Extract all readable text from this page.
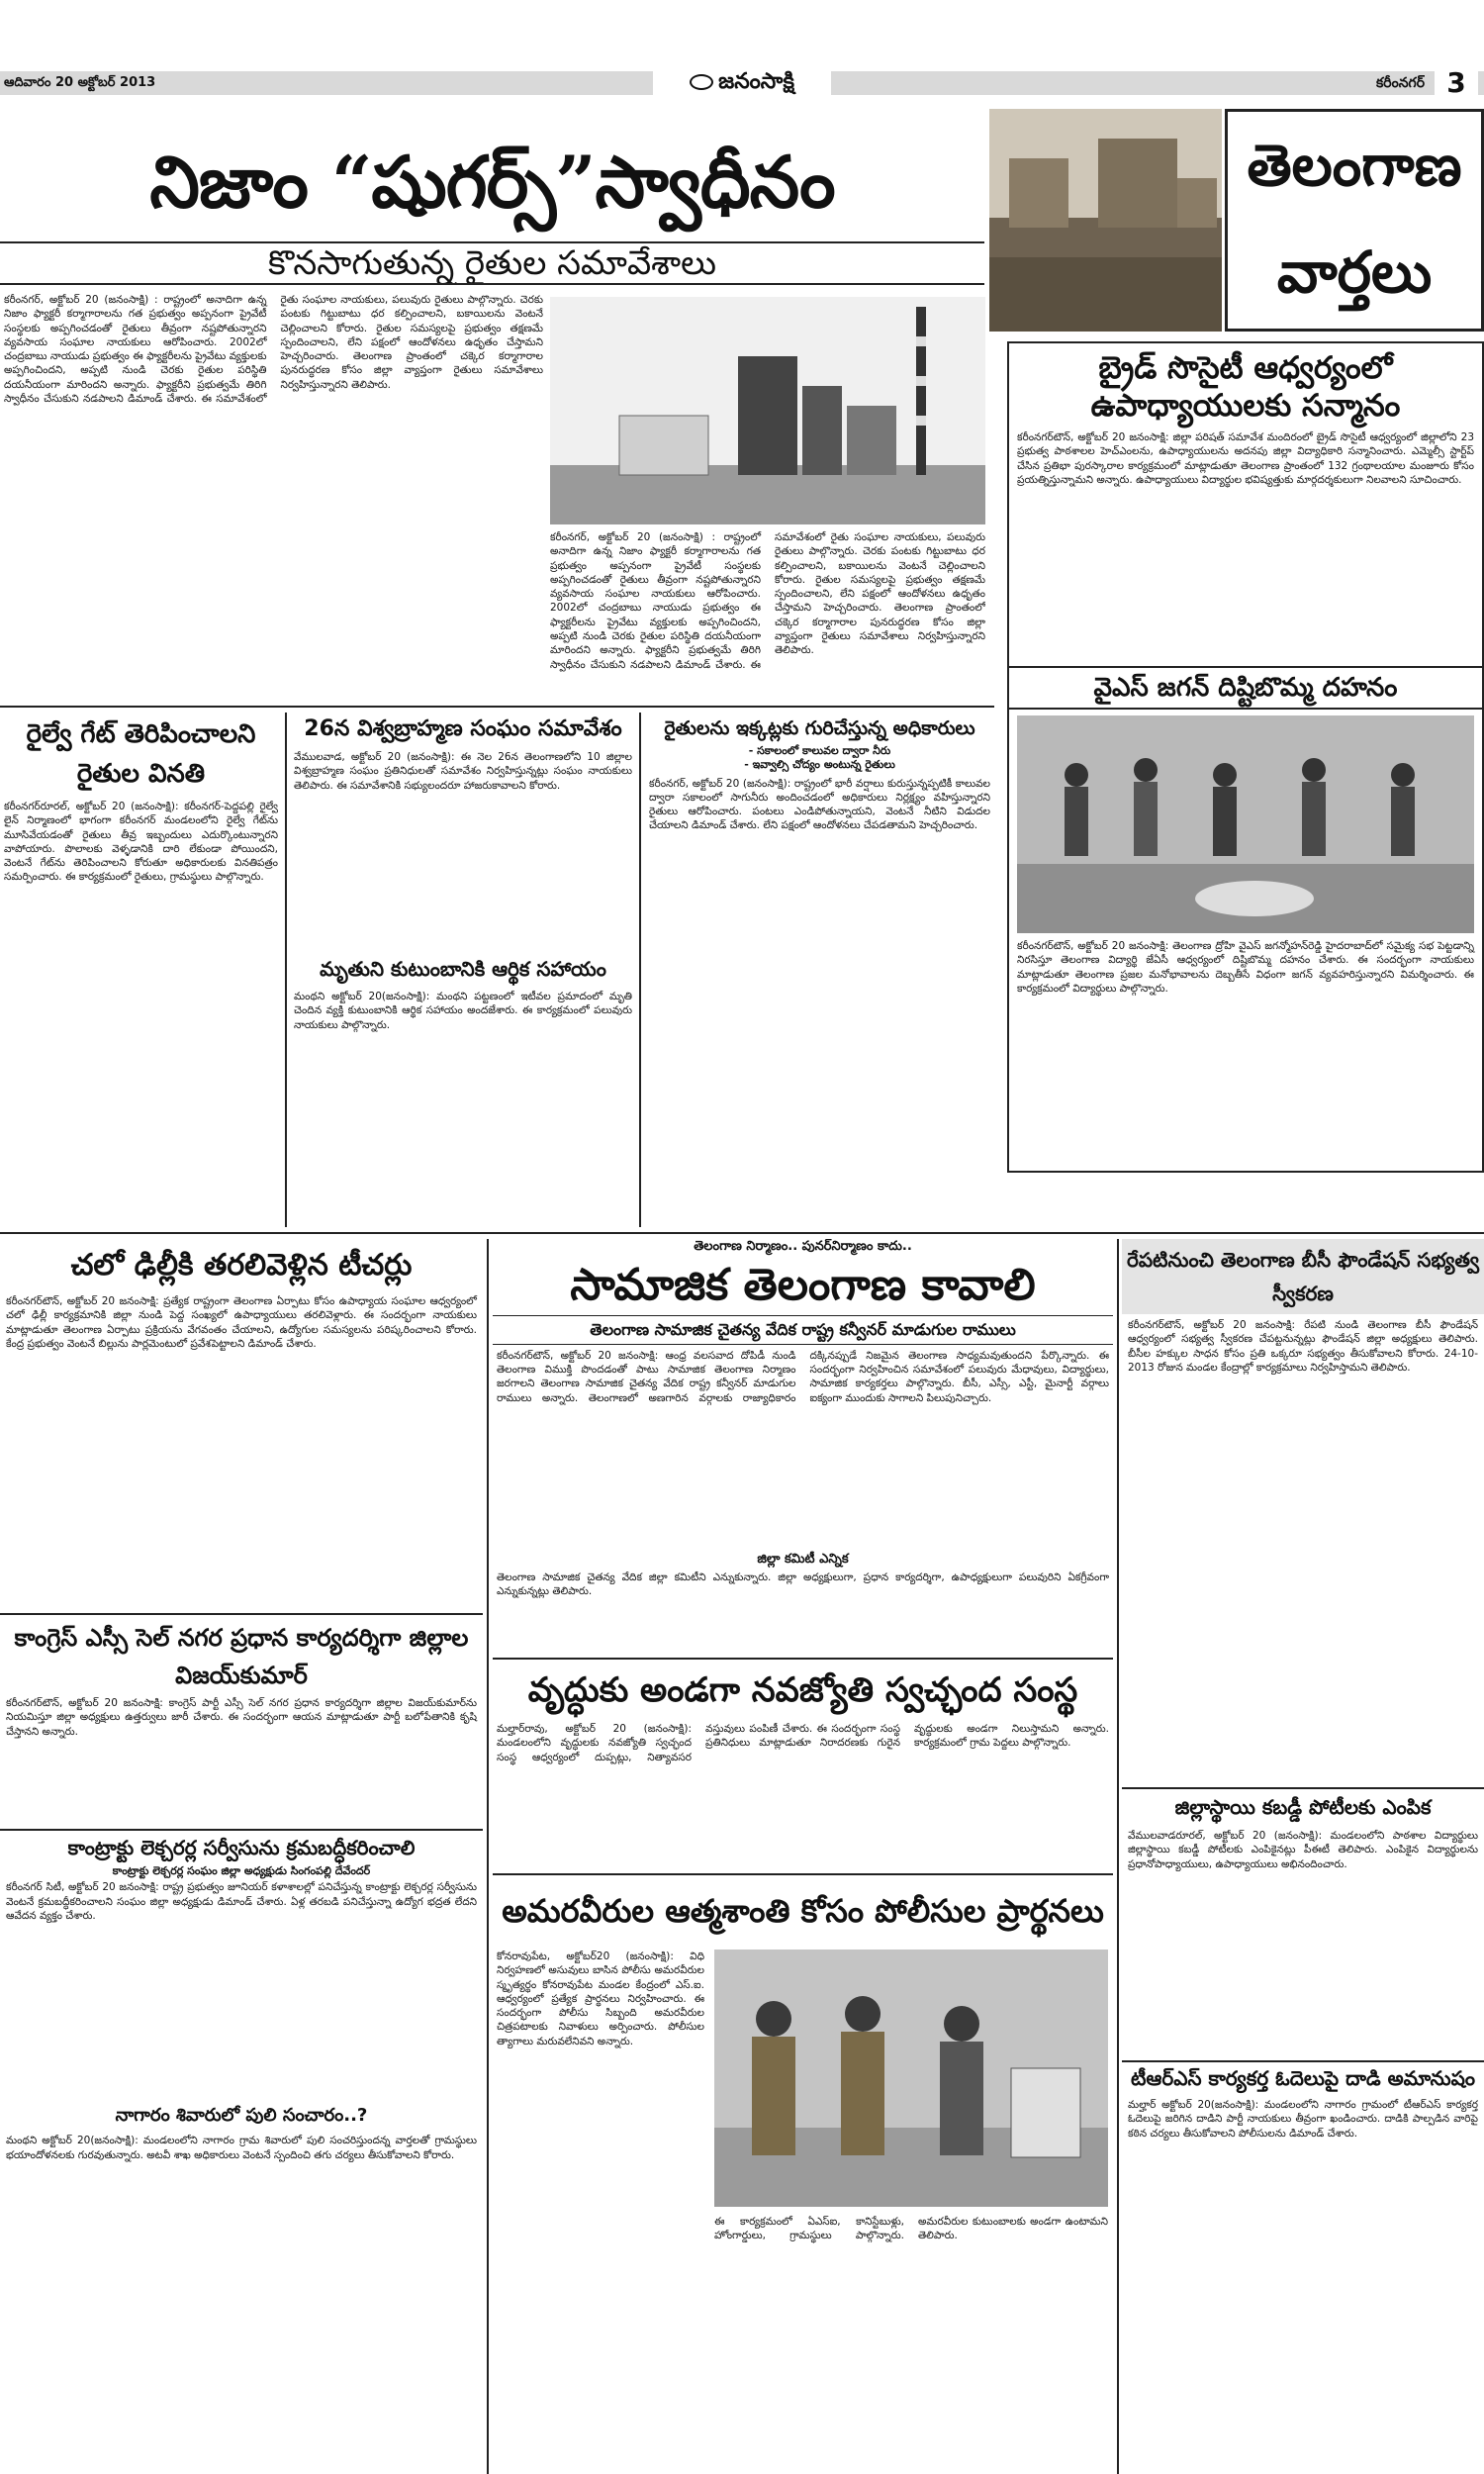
ఆదివారం 20 అక్టోబర్ 2013	జనంసాక్షి	కరీంనగర్ 3
నిజాం “షుగర్స్”స్వాధీనం
కొనసాగుతున్న రైతుల సమావేశాలు
కరీంనగర్, అక్టోబర్ 20 (జనంసాక్షి) : రాష్ట్రంలో అనాదిగా ఉన్న నిజాం ఫ్యాక్టరీ కర్మాగారాలను గత ప్రభుత్వం అప్పనంగా ప్రైవేటీ సంస్థలకు అప్పగించడంతో రైతులు తీవ్రంగా నష్టపోతున్నారని వ్యవసాయ సంఘాల నాయకులు ఆరోపించారు. 2002లో చంద్రబాబు నాయుడు ప్రభుత్వం ఈ ఫ్యాక్టరీలను ప్రైవేటు వ్యక్తులకు అప్పగించిందని, అప్పటి నుండి చెరకు రైతుల పరిస్థితి దయనీయంగా మారిందని అన్నారు. ఫ్యాక్టరీని ప్రభుత్వమే తిరిగి స్వాధీనం చేసుకుని నడపాలని డిమాండ్ చేశారు. ఈ సమావేశంలో రైతు సంఘాల నాయకులు, పలువురు రైతులు పాల్గొన్నారు. చెరకు పంటకు గిట్టుబాటు ధర కల్పించాలని, బకాయిలను వెంటనే చెల్లించాలని కోరారు. రైతుల సమస్యలపై ప్రభుత్వం తక్షణమే స్పందించాలని, లేని పక్షంలో ఆందోళనలు ఉధృతం చేస్తామని హెచ్చరించారు. తెలంగాణ ప్రాంతంలో చక్కెర కర్మాగారాల పునరుద్ధరణ కోసం జిల్లా వ్యాప్తంగా రైతులు సమావేశాలు నిర్వహిస్తున్నారని తెలిపారు.
కరీంనగర్, అక్టోబర్ 20 (జనంసాక్షి) : రాష్ట్రంలో అనాదిగా ఉన్న నిజాం ఫ్యాక్టరీ కర్మాగారాలను గత ప్రభుత్వం అప్పనంగా ప్రైవేటీ సంస్థలకు అప్పగించడంతో రైతులు తీవ్రంగా నష్టపోతున్నారని వ్యవసాయ సంఘాల నాయకులు ఆరోపించారు. 2002లో చంద్రబాబు నాయుడు ప్రభుత్వం ఈ ఫ్యాక్టరీలను ప్రైవేటు వ్యక్తులకు అప్పగించిందని, అప్పటి నుండి చెరకు రైతుల పరిస్థితి దయనీయంగా మారిందని అన్నారు. ఫ్యాక్టరీని ప్రభుత్వమే తిరిగి స్వాధీనం చేసుకుని నడపాలని డిమాండ్ చేశారు. ఈ సమావేశంలో రైతు సంఘాల నాయకులు, పలువురు రైతులు పాల్గొన్నారు. చెరకు పంటకు గిట్టుబాటు ధర కల్పించాలని, బకాయిలను వెంటనే చెల్లించాలని కోరారు. రైతుల సమస్యలపై ప్రభుత్వం తక్షణమే స్పందించాలని, లేని పక్షంలో ఆందోళనలు ఉధృతం చేస్తామని హెచ్చరించారు. తెలంగాణ ప్రాంతంలో చక్కెర కర్మాగారాల పునరుద్ధరణ కోసం జిల్లా వ్యాప్తంగా రైతులు సమావేశాలు నిర్వహిస్తున్నారని తెలిపారు.
తెలంగాణ
వార్తలు
బ్రైడ్ సొసైటీ ఆధ్వర్యంలో ఉపాధ్యాయులకు సన్మానం
కరీంనగర్‌టౌన్, అక్టోబర్ 20 జనంసాక్షి: జిల్లా పరిషత్ సమావేశ మందిరంలో బ్రైడ్ సొసైటీ ఆధ్వర్యంలో జిల్లాలోని 23 ప్రభుత్వ పాఠశాలల హెచ్‌ఎంలను, ఉపాధ్యాయులను అదనపు జిల్లా విద్యాధికారి సన్మానించారు. ఎమ్మెల్సీ స్టార్ట్‌ప్ చేసిన ప్రతిభా పురస్కారాల కార్యక్రమంలో మాట్లాడుతూ తెలంగాణ ప్రాంతంలో 132 గ్రంథాలయాల మంజూరు కోసం ప్రయత్నిస్తున్నామని అన్నారు. ఉపాధ్యాయులు విద్యార్థుల భవిష్యత్తుకు మార్గదర్శకులుగా నిలవాలని సూచించారు.
వైఎస్ జగన్ దిష్టిబొమ్మ దహనం
కరీంనగర్‌టౌన్, అక్టోబర్ 20 జనంసాక్షి: తెలంగాణ ద్రోహి వైఎస్ జగన్మోహన్‌రెడ్డి హైదరాబాద్‌లో సమైక్య సభ పెట్టడాన్ని నిరసిస్తూ తెలంగాణ విద్యార్థి జేఏసీ ఆధ్వర్యంలో దిష్టిబొమ్మ దహనం చేశారు. ఈ సందర్భంగా నాయకులు మాట్లాడుతూ తెలంగాణ ప్రజల మనోభావాలను దెబ్బతీసే విధంగా జగన్ వ్యవహరిస్తున్నారని విమర్శించారు. ఈ కార్యక్రమంలో విద్యార్థులు పాల్గొన్నారు.
రైల్వే గేట్ తెరిపించాలని రైతుల వినతి
కరీంనగర్‌రూరల్, అక్టోబర్ 20 (జనంసాక్షి): కరీంనగర్-పెద్దపల్లి రైల్వే లైన్ నిర్మాణంలో భాగంగా కరీంనగర్ మండలంలోని రైల్వే గేట్‌ను మూసివేయడంతో రైతులు తీవ్ర ఇబ్బందులు ఎదుర్కొంటున్నారని వాపోయారు. పొలాలకు వెళ్ళడానికి దారి లేకుండా పోయిందని, వెంటనే గేట్‌ను తెరిపించాలని కోరుతూ అధికారులకు వినతిపత్రం సమర్పించారు. ఈ కార్యక్రమంలో రైతులు, గ్రామస్థులు పాల్గొన్నారు.
26న విశ్వబ్రాహ్మణ సంఘం సమావేశం
వేములవాడ, అక్టోబర్ 20 (జనంసాక్షి): ఈ నెల 26న తెలంగాణలోని 10 జిల్లాల విశ్వబ్రాహ్మణ సంఘం ప్రతినిధులతో సమావేశం నిర్వహిస్తున్నట్లు సంఘం నాయకులు తెలిపారు. ఈ సమావేశానికి సభ్యులందరూ హాజరుకావాలని కోరారు.
మృతుని కుటుంబానికి ఆర్థిక సహాయం
మంథని అక్టోబర్ 20(జనంసాక్షి): మంథని పట్టణంలో ఇటీవల ప్రమాదంలో మృతి చెందిన వ్యక్తి కుటుంబానికి ఆర్థిక సహాయం అందజేశారు. ఈ కార్యక్రమంలో పలువురు నాయకులు పాల్గొన్నారు.
రైతులను ఇక్కట్లకు గురిచేస్తున్న అధికారులు
- సకాలంలో కాలువల ద్వారా నీరు
- ఇవ్వాల్సి చోద్యం అంటున్న రైతులు
కరీంనగర్, అక్టోబర్ 20 (జనంసాక్షి): రాష్ట్రంలో భారీ వర్షాలు కురుస్తున్నప్పటికీ కాలువల ద్వారా సకాలంలో సాగునీరు అందించడంలో అధికారులు నిర్లక్ష్యం వహిస్తున్నారని రైతులు ఆరోపించారు. పంటలు ఎండిపోతున్నాయని, వెంటనే నీటిని విడుదల చేయాలని డిమాండ్ చేశారు. లేని పక్షంలో ఆందోళనలు చేపడతామని హెచ్చరించారు.
చలో ఢిల్లీకి తరలివెళ్లిన టీచర్లు
కరీంనగర్‌టౌన్, అక్టోబర్ 20 జనంసాక్షి: ప్రత్యేక రాష్ట్రంగా తెలంగాణ ఏర్పాటు కోసం ఉపాధ్యాయ సంఘాల ఆధ్వర్యంలో చలో ఢిల్లీ కార్యక్రమానికి జిల్లా నుండి పెద్ద సంఖ్యలో ఉపాధ్యాయులు తరలివెళ్లారు. ఈ సందర్భంగా నాయకులు మాట్లాడుతూ తెలంగాణ ఏర్పాటు ప్రక్రియను వేగవంతం చేయాలని, ఉద్యోగుల సమస్యలను పరిష్కరించాలని కోరారు. కేంద్ర ప్రభుత్వం వెంటనే బిల్లును పార్లమెంటులో ప్రవేశపెట్టాలని డిమాండ్ చేశారు.
కాంగ్రెస్ ఎస్సీ సెల్ నగర ప్రధాన కార్యదర్శిగా జిల్లాల విజయ్‌కుమార్
కరీంనగర్‌టౌన్, అక్టోబర్ 20 జనంసాక్షి: కాంగ్రెస్ పార్టీ ఎస్సీ సెల్ నగర ప్రధాన కార్యదర్శిగా జిల్లాల విజయ్‌కుమార్‌ను నియమిస్తూ జిల్లా అధ్యక్షులు ఉత్తర్వులు జారీ చేశారు. ఈ సందర్భంగా ఆయన మాట్లాడుతూ పార్టీ బలోపేతానికి కృషి చేస్తానని అన్నారు.
కాంట్రాక్టు లెక్చరర్ల సర్వీసును క్రమబద్ధీకరించాలి
కాంట్రాక్టు లెక్చరర్ల సంఘం జిల్లా అధ్యక్షుడు సింగంపల్లి దేవేందర్
కరీంనగర్ సిటీ, అక్టోబర్ 20 జనంసాక్షి: రాష్ట్ర ప్రభుత్వం జూనియర్ కళాశాలల్లో పనిచేస్తున్న కాంట్రాక్టు లెక్చరర్ల సర్వీసును వెంటనే క్రమబద్ధీకరించాలని సంఘం జిల్లా అధ్యక్షుడు డిమాండ్ చేశారు. ఏళ్ల తరబడి పనిచేస్తున్నా ఉద్యోగ భద్రత లేదని ఆవేదన వ్యక్తం చేశారు.
నాగారం శివారులో పులి సంచారం..?
మంథని అక్టోబర్ 20(జనంసాక్షి): మండలంలోని నాగారం గ్రామ శివారులో పులి సంచరిస్తుందన్న వార్తలతో గ్రామస్థులు భయాందోళనలకు గురవుతున్నారు. అటవీ శాఖ అధికారులు వెంటనే స్పందించి తగు చర్యలు తీసుకోవాలని కోరారు.
తెలంగాణ నిర్మాణం.. పునర్‌నిర్మాణం కాదు..
సామాజిక తెలంగాణ కావాలి
తెలంగాణ సామాజిక చైతన్య వేదిక రాష్ట్ర కన్వీనర్ మాడుగుల రాములు
కరీంనగర్‌టౌన్, అక్టోబర్ 20 జనంసాక్షి: ఆంధ్ర వలసవాద దోపిడీ నుండి తెలంగాణ విముక్తి పొందడంతో పాటు సామాజిక తెలంగాణ నిర్మాణం జరగాలని తెలంగాణ సామాజిక చైతన్య వేదిక రాష్ట్ర కన్వీనర్ మాడుగుల రాములు అన్నారు. తెలంగాణలో అణగారిన వర్గాలకు రాజ్యాధికారం దక్కినప్పుడే నిజమైన తెలంగాణ సాధ్యమవుతుందని పేర్కొన్నారు. ఈ సందర్భంగా నిర్వహించిన సమావేశంలో పలువురు మేధావులు, విద్యార్థులు, సామాజిక కార్యకర్తలు పాల్గొన్నారు. బీసీ, ఎస్సీ, ఎస్టీ, మైనార్టీ వర్గాలు ఐక్యంగా ముందుకు సాగాలని పిలుపునిచ్చారు.
జిల్లా కమిటీ ఎన్నిక
తెలంగాణ సామాజిక చైతన్య వేదిక జిల్లా కమిటీని ఎన్నుకున్నారు. జిల్లా అధ్యక్షులుగా, ప్రధాన కార్యదర్శిగా, ఉపాధ్యక్షులుగా పలువురిని ఏకగ్రీవంగా ఎన్నుకున్నట్లు తెలిపారు.
వృద్ధుకు అండగా నవజ్యోతి స్వచ్ఛంద సంస్థ
మల్హార్‌రావు, అక్టోబర్ 20 (జనంసాక్షి): మండలంలోని వృద్ధులకు నవజ్యోతి స్వచ్ఛంద సంస్థ ఆధ్వర్యంలో దుప్పట్లు, నిత్యావసర వస్తువులు పంపిణీ చేశారు. ఈ సందర్భంగా సంస్థ ప్రతినిధులు మాట్లాడుతూ నిరాదరణకు గురైన వృద్ధులకు అండగా నిలుస్తామని అన్నారు. కార్యక్రమంలో గ్రామ పెద్దలు పాల్గొన్నారు.
అమరవీరుల ఆత్మశాంతి కోసం పోలీసుల ప్రార్థనలు
కోనరావుపేట, అక్టోబర్20 (జనంసాక్షి): విధి నిర్వహణలో అసువులు బాసిన పోలీసు అమరవీరుల స్మృత్యర్థం కోనరావుపేట మండల కేంద్రంలో ఎస్.ఐ. ఆధ్వర్యంలో ప్రత్యేక ప్రార్థనలు నిర్వహించారు. ఈ సందర్భంగా పోలీసు సిబ్బంది అమరవీరుల చిత్రపటాలకు నివాళులు అర్పించారు. పోలీసుల త్యాగాలు మరువలేనివని అన్నారు.
ఈ కార్యక్రమంలో ఏఎస్‌ఐ, కానిస్టేబుళ్లు, హోంగార్డులు, గ్రామస్థులు పాల్గొన్నారు. అమరవీరుల కుటుంబాలకు అండగా ఉంటామని తెలిపారు.
రేపటినుంచి తెలంగాణ బీసీ ఫౌండేషన్ సభ్యత్వ స్వీకరణ
కరీంనగర్‌టౌన్, అక్టోబర్ 20 జనంసాక్షి: రేపటి నుండి తెలంగాణ బీసీ ఫౌండేషన్ ఆధ్వర్యంలో సభ్యత్వ స్వీకరణ చేపట్టనున్నట్లు ఫౌండేషన్ జిల్లా అధ్యక్షులు తెలిపారు. బీసీల హక్కుల సాధన కోసం ప్రతి ఒక్కరూ సభ్యత్వం తీసుకోవాలని కోరారు. 24-10-2013 రోజున మండల కేంద్రాల్లో కార్యక్రమాలు నిర్వహిస్తామని తెలిపారు.
జిల్లాస్థాయి కబడ్డీ పోటీలకు ఎంపిక
వేములవాడరూరల్, అక్టోబర్ 20 (జనంసాక్షి): మండలంలోని పాఠశాల విద్యార్థులు జిల్లాస్థాయి కబడ్డీ పోటీలకు ఎంపికైనట్లు పీఈటీ తెలిపారు. ఎంపికైన విద్యార్థులను ప్రధానోపాధ్యాయులు, ఉపాధ్యాయులు అభినందించారు.
టీఆర్ఎస్ కార్యకర్త ఓదెలుపై దాడి అమానుషం
మల్హార్ అక్టోబర్ 20(జనంసాక్షి): మండలంలోని నాగారం గ్రామంలో టీఆర్ఎస్ కార్యకర్త ఓదెలుపై జరిగిన దాడిని పార్టీ నాయకులు తీవ్రంగా ఖండించారు. దాడికి పాల్పడిన వారిపై కఠిన చర్యలు తీసుకోవాలని పోలీసులను డిమాండ్ చేశారు.
